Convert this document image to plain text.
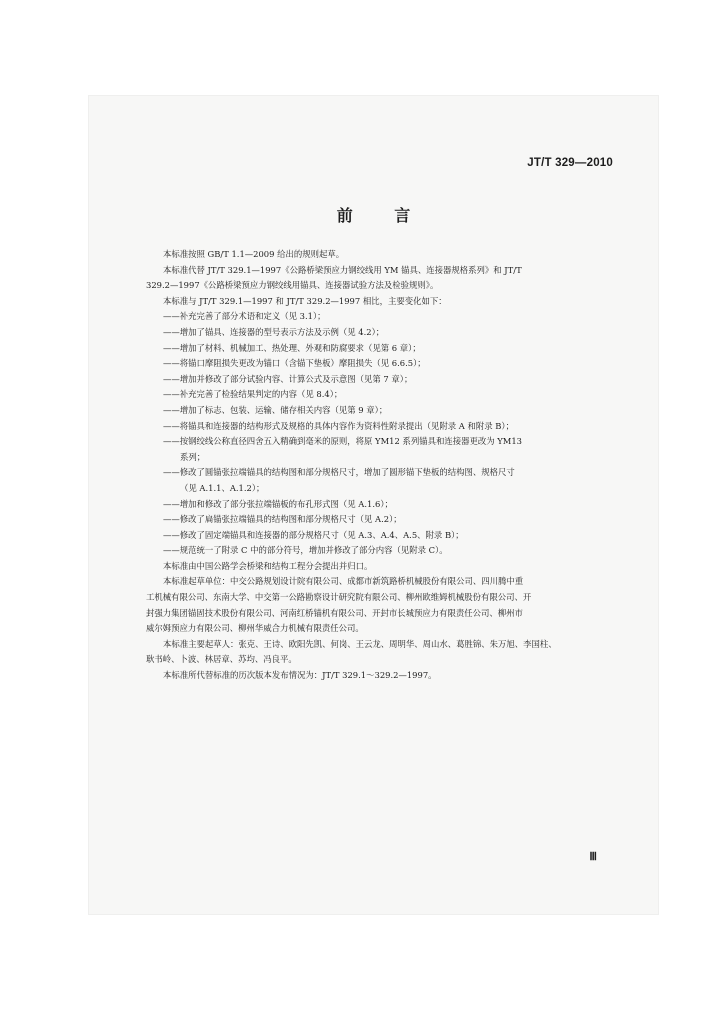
JT/T 329—2010
前 言
本标准按照 GB/T 1.1—2009 给出的规则起草。
本标准代替 JT/T 329.1—1997《公路桥梁预应力钢绞线用 YM 锚具、连接器规格系列》和 JT/T
329.2—1997《公路桥梁预应力钢绞线用锚具、连接器试验方法及检验规则》。
本标准与 JT/T 329.1—1997 和 JT/T 329.2—1997 相比，主要变化如下：
——补充完善了部分术语和定义（见 3.1）；
——增加了锚具、连接器的型号表示方法及示例（见 4.2）；
——增加了材料、机械加工、热处理、外观和防腐要求（见第 6 章）；
——将锚口摩阻损失更改为锚口（含锚下垫板）摩阻损失（见 6.6.5）；
——增加并修改了部分试验内容、计算公式及示意图（见第 7 章）；
——补充完善了检验结果判定的内容（见 8.4）；
——增加了标志、包装、运输、储存相关内容（见第 9 章）；
——将锚具和连接器的结构形式及规格的具体内容作为资料性附录提出（见附录 A 和附录 B）；
——按钢绞线公称直径四舍五入精确到毫米的原则，将原 YM12 系列锚具和连接器更改为 YM13
系列；
——修改了圆锚张拉端锚具的结构图和部分规格尺寸，增加了圆形锚下垫板的结构图、规格尺寸
（见 A.1.1、A.1.2）；
——增加和修改了部分张拉端锚板的布孔形式图（见 A.1.6）；
——修改了扁锚张拉端锚具的结构图和部分规格尺寸（见 A.2）；
——修改了固定端锚具和连接器的部分规格尺寸（见 A.3、A.4、A.5、附录 B）；
——规范统一了附录 C 中的部分符号，增加并修改了部分内容（见附录 C）。
本标准由中国公路学会桥梁和结构工程分会提出并归口。
本标准起草单位：中交公路规划设计院有限公司、成都市新筑路桥机械股份有限公司、四川腾中重
工机械有限公司、东南大学、中交第一公路勘察设计研究院有限公司、柳州欧维姆机械股份有限公司、开
封强力集团锚固技术股份有限公司、河南红桥锚机有限公司、开封市长城预应力有限责任公司、柳州市
威尔姆预应力有限公司、柳州华威合力机械有限责任公司。
本标准主要起草人：张克、王诗、欧阳先凯、何岗、王云龙、周明华、周山水、葛胜锦、朱万旭、李国柱、
耿书岭、卜波、林居章、苏均、冯良平。
本标准所代替标准的历次版本发布情况为：JT/T 329.1～329.2—1997。
Ⅲ
